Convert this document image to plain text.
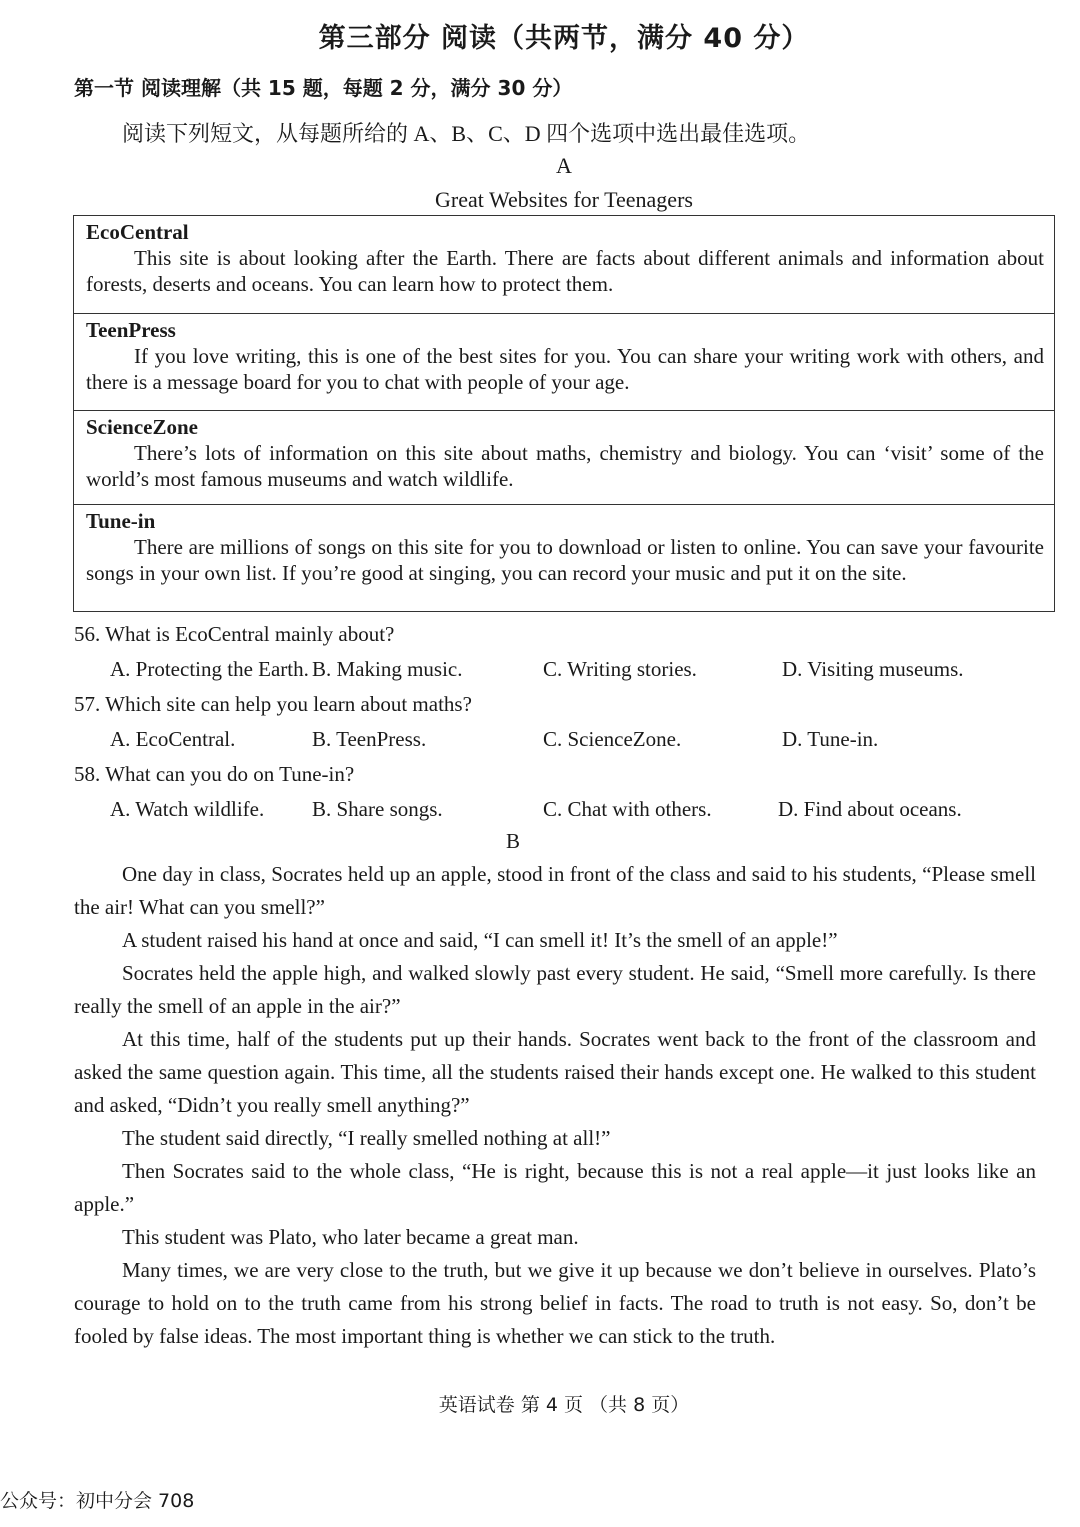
第三部分 阅读（共两节，满分 40 分）
第一节 阅读理解（共 15 题，每题 2 分，满分 30 分）
阅读下列短文，从每题所给的 A、B、C、D 四个选项中选出最佳选项。
A
Great Websites for Teenagers
EcoCentral
This site is about looking after the Earth. There are facts about different animals and information about forests, deserts and oceans. You can learn how to protect them.
TeenPress
If you love writing, this is one of the best sites for you. You can share your writing work with others, and there is a message board for you to chat with people of your age.
ScienceZone
There’s lots of information on this site about maths, chemistry and biology. You can ‘visit’ some of the world’s most famous museums and watch wildlife.
Tune-in
There are millions of songs on this site for you to download or listen to online. You can save your favourite songs in your own list. If you’re good at singing, you can record your music and put it on the site.
56. What is EcoCentral mainly about?
A. Protecting the Earth. B. Making music.	C. Writing stories.	D. Visiting museums.
57. Which site can help you learn about maths?
A. EcoCentral.	B. TeenPress.	C. ScienceZone.	D. Tune-in.
58. What can you do on Tune-in?
A. Watch wildlife.	B. Share songs.	C. Chat with others.	D. Find about oceans.
B

One day in class, Socrates held up an apple, stood in front of the class and said to his students, “Please smell the air! What can you smell?”

A student raised his hand at once and said, “I can smell it! It’s the smell of an apple!”

Socrates held the apple high, and walked slowly past every student. He said, “Smell more carefully. Is there really the smell of an apple in the air?”

At this time, half of the students put up their hands. Socrates went back to the front of the classroom and asked the same question again. This time, all the students raised their hands except one. He walked to this student and asked, “Didn’t you really smell anything?”

The student said directly, “I really smelled nothing at all!”

Then Socrates said to the whole class, “He is right, because this is not a real apple—it just looks like an apple.”

This student was Plato, who later became a great man.

Many times, we are very close to the truth, but we give it up because we don’t believe in ourselves. Plato’s courage to hold on to the truth came from his strong belief in facts. The road to truth is not easy. So, don’t be fooled by false ideas. The most important thing is whether we can stick to the truth.

英语试卷 第 4 页 （共 8 页）
公众号：初中分会 708
